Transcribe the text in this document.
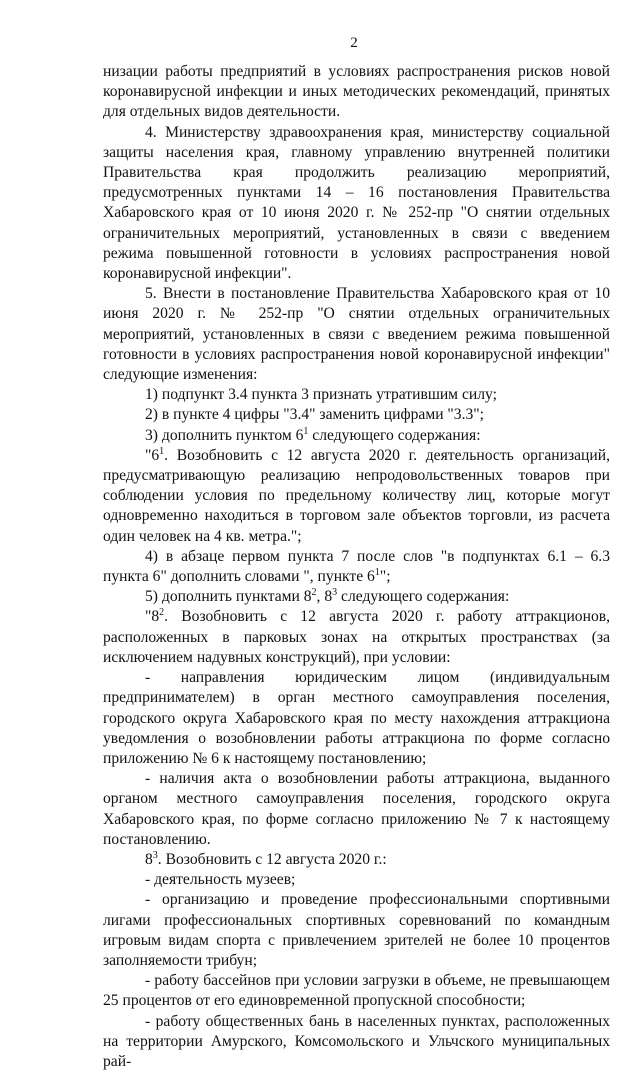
2

низации работы предприятий в условиях распространения рисков новой коронавирусной инфекции и иных методических рекомендаций, принятых для отдельных видов деятельности.

4. Министерству здравоохранения края, министерству социальной защиты населения края, главному управлению внутренней политики Правительства края продолжить реализацию мероприятий, предусмотренных пунктами 14 – 16 постановления Правительства Хабаровского края от 10 июня 2020 г. № 252-пр "О снятии отдельных ограничительных мероприятий, установленных в связи с введением режима повышенной готовности в условиях распространения новой коронавирусной инфекции".

5. Внести в постановление Правительства Хабаровского края от 10 июня 2020 г. № 252-пр "О снятии отдельных ограничительных мероприятий, установленных в связи с введением режима повышенной готовности в условиях распространения новой коронавирусной инфекции" следующие изменения:

1) подпункт 3.4 пункта 3 признать утратившим силу;

2) в пункте 4 цифры "3.4" заменить цифрами "3.3";

3) дополнить пунктом $6^1$ следующего содержания:

"$6^1$. Возобновить с 12 августа 2020 г. деятельность организаций, предусматривающую реализацию непродовольственных товаров при соблюдении условия по предельному количеству лиц, которые могут одновременно находиться в торговом зале объектов торговли, из расчета один человек на 4 кв. метра.";

4) в абзаце первом пункта 7 после слов "в подпунктах 6.1 – 6.3 пункта 6" дополнить словами ", пункте $6^1$";

5) дополнить пунктами $8^2$, $8^3$ следующего содержания:

"$8^2$. Возобновить с 12 августа 2020 г. работу аттракционов, расположенных в парковых зонах на открытых пространствах (за исключением надувных конструкций), при условии:

- направления юридическим лицом (индивидуальным предпринимателем) в орган местного самоуправления поселения, городского округа Хабаровского края по месту нахождения аттракциона уведомления о возобновлении работы аттракциона по форме согласно приложению № 6 к настоящему постановлению;

- наличия акта о возобновлении работы аттракциона, выданного органом местного самоуправления поселения, городского округа Хабаровского края, по форме согласно приложению № 7 к настоящему постановлению.

$8^3$. Возобновить с 12 августа 2020 г.:

- деятельность музеев;

- организацию и проведение профессиональными спортивными лигами профессиональных спортивных соревнований по командным игровым видам спорта с привлечением зрителей не более 10 процентов заполняемости трибун;

- работу бассейнов при условии загрузки в объеме, не превышающем 25 процентов от его единовременной пропускной способности;

- работу общественных бань в населенных пунктах, расположенных на территории Амурского, Комсомольского и Ульчского муниципальных рай-
